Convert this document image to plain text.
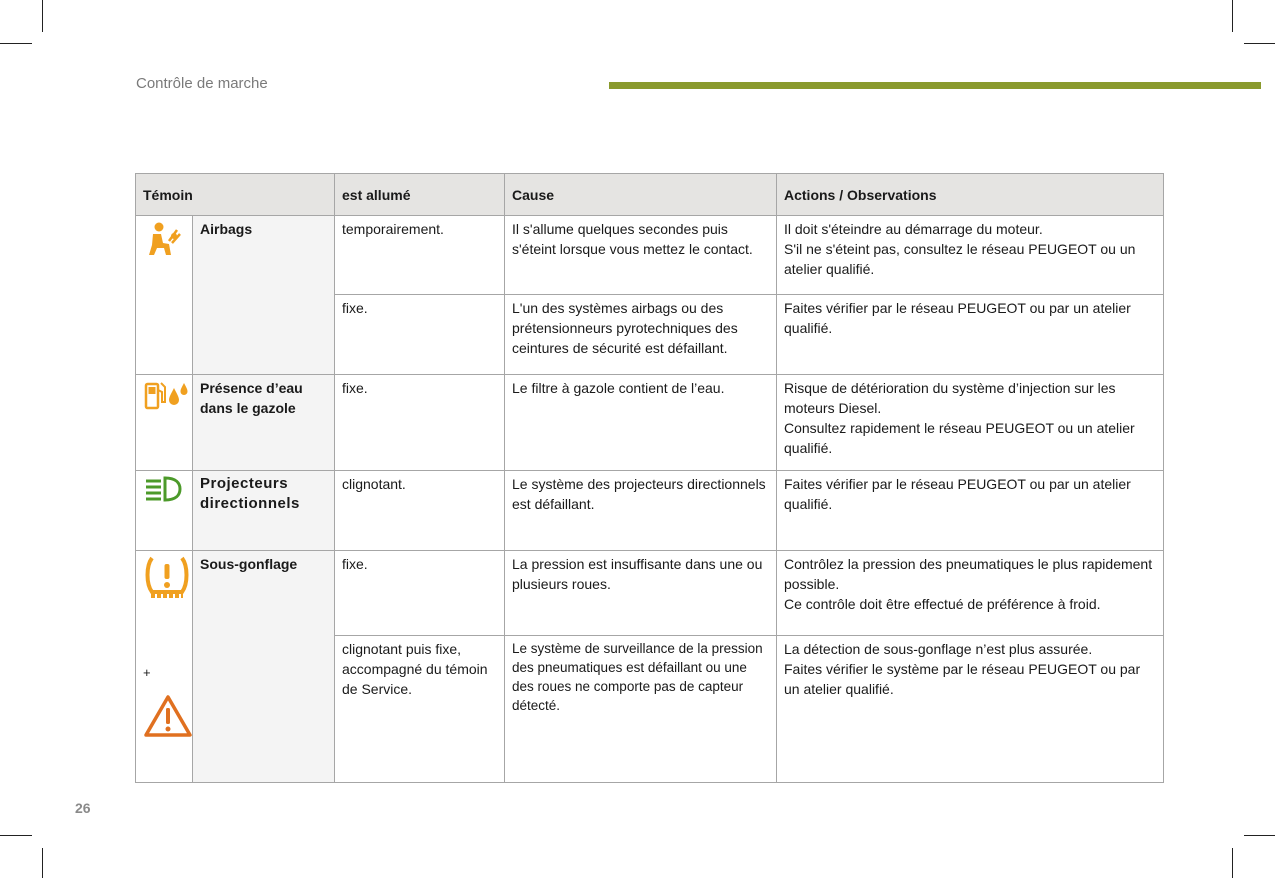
Contrôle de marche
Témoin		est allumé	Cause	Actions / Observations
	Airbags	temporairement.	Il s'allume quelques secondes puis s'éteint lorsque vous mettez le contact.	Il doit s'éteindre au démarrage du moteur.
S'il ne s'éteint pas, consultez le réseau PEUGEOT ou un atelier qualifié.

		fixe.	L'un des systèmes airbags ou des prétensionneurs pyrotechniques des ceintures de sécurité est défaillant.	Faites vérifier par le réseau PEUGEOT ou par un atelier qualifié.
	Présence d’eau dans le gazole	fixe.	Le filtre à gazole contient de l’eau.	Risque de détérioration du système d’injection sur les moteurs Diesel.
Consultez rapidement le réseau PEUGEOT ou un atelier qualifié.

	Projecteurs directionnels	clignotant.	Le système des projecteurs directionnels est défaillant.	Faites vérifier par le réseau PEUGEOT ou par un atelier qualifié.

+	Sous-gonflage	fixe.	La pression est insuffisante dans une ou plusieurs roues.	Contrôlez la pression des pneumatiques le plus rapidement possible.
Ce contrôle doit être effectué de préférence à froid.

		clignotant puis fixe, accompagné du témoin de Service.	Le système de surveillance de la pression des pneumatiques est défaillant ou une des roues ne comporte pas de capteur détecté.	La détection de sous-gonflage n’est plus assurée.
Faites vérifier le système par le réseau PEUGEOT ou par un atelier qualifié.
26
